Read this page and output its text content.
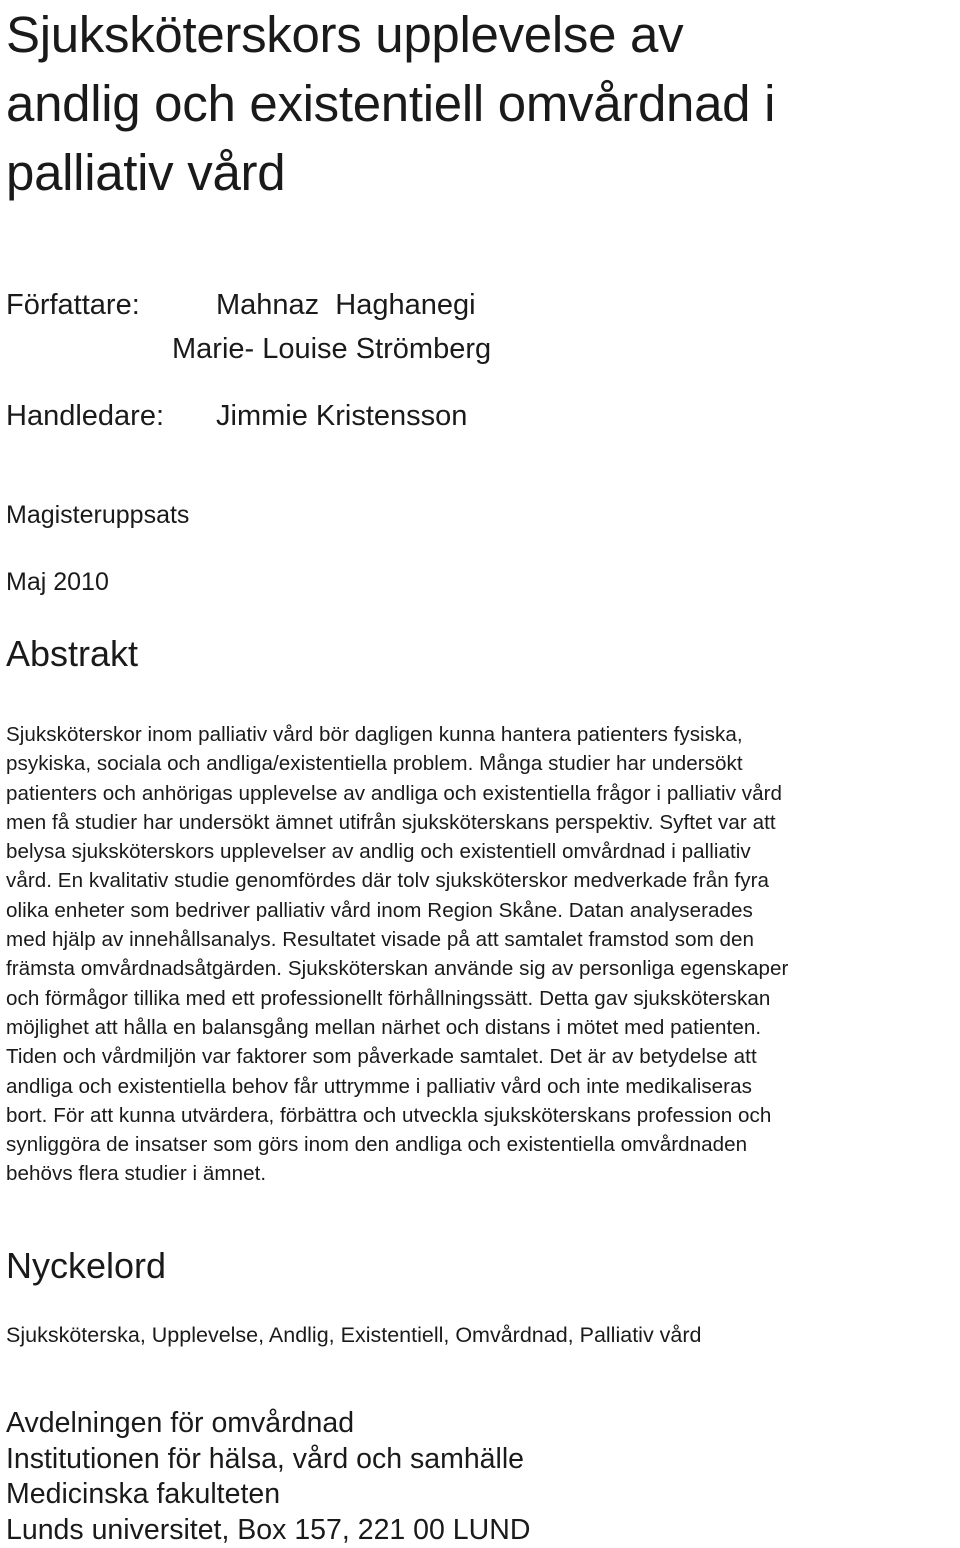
Sjuksköterskors upplevelse av
andlig och existentiell omvårdnad i
palliativ vård
Författare:	Mahnaz  Haghanegi
Marie- Louise Strömberg
Handledare: Jimmie Kristensson
Magisteruppsats
Maj 2010
Abstrakt
Sjuksköterskor inom palliativ vård bör dagligen kunna hantera patienters fysiska,
psykiska, sociala och andliga/existentiella problem. Många studier har undersökt
patienters och anhörigas upplevelse av andliga och existentiella frågor i palliativ vård
men få studier har undersökt ämnet utifrån sjuksköterskans perspektiv. Syftet var att
belysa sjuksköterskors upplevelser av andlig och existentiell omvårdnad i palliativ
vård. En kvalitativ studie genomfördes där tolv sjuksköterskor medverkade från fyra
olika enheter som bedriver palliativ vård inom Region Skåne. Datan analyserades
med hjälp av innehållsanalys. Resultatet visade på att samtalet framstod som den
främsta omvårdnadsåtgärden. Sjuksköterskan använde sig av personliga egenskaper
och förmågor tillika med ett professionellt förhållningssätt. Detta gav sjuksköterskan
möjlighet att hålla en balansgång mellan närhet och distans i mötet med patienten.
Tiden och vårdmiljön var faktorer som påverkade samtalet. Det är av betydelse att
andliga och existentiella behov får uttrymme i palliativ vård och inte medikaliseras
bort. För att kunna utvärdera, förbättra och utveckla sjuksköterskans profession och
synliggöra de insatser som görs inom den andliga och existentiella omvårdnaden
behövs flera studier i ämnet.
Nyckelord
Sjuksköterska, Upplevelse, Andlig, Existentiell, Omvårdnad, Palliativ vård
Avdelningen för omvårdnad
Institutionen för hälsa, vård och samhälle
Medicinska fakulteten
Lunds universitet, Box 157, 221 00 LUND
